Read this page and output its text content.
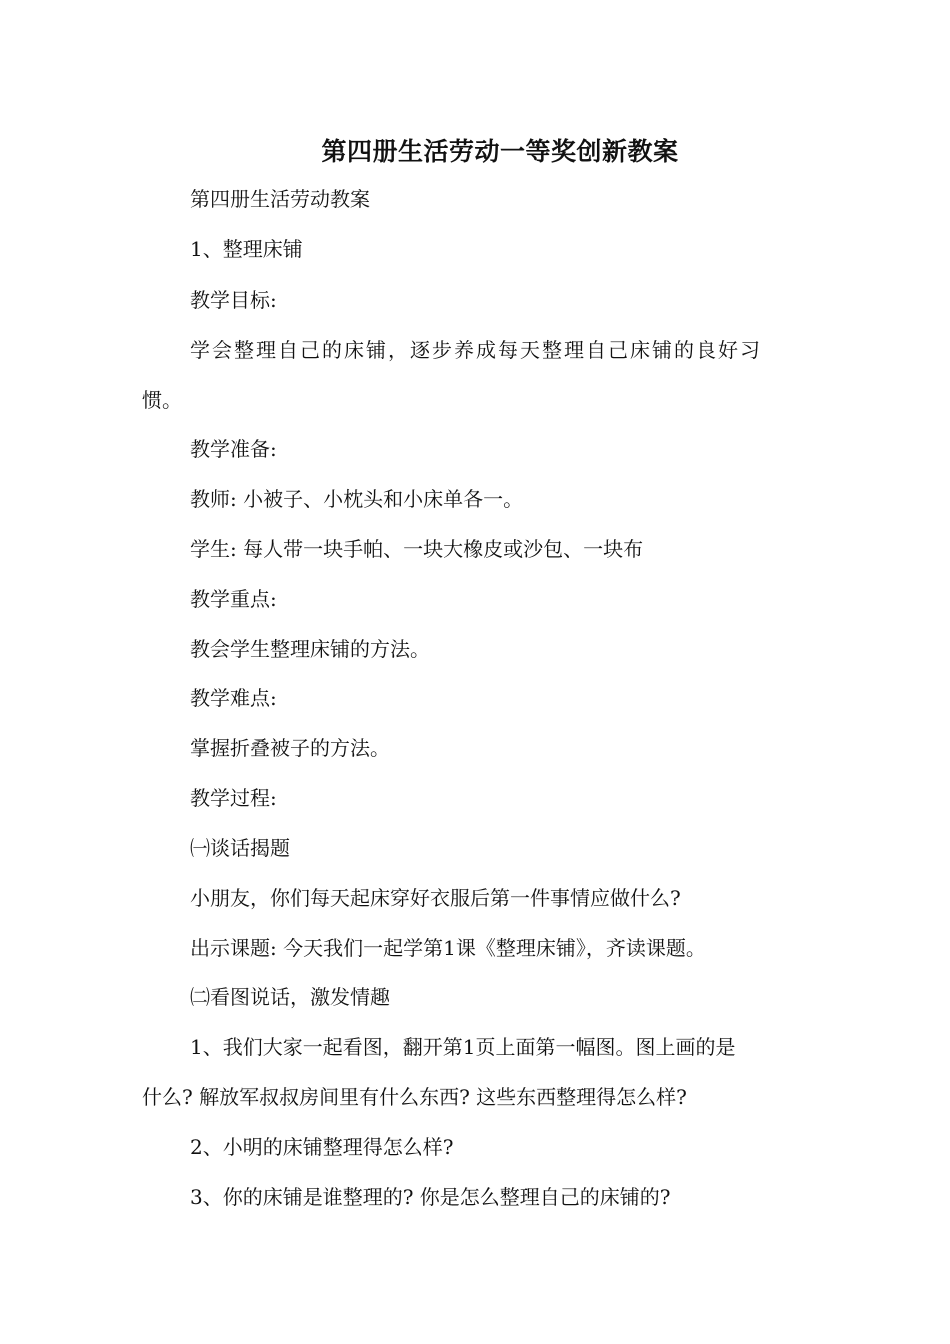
第四册生活劳动一等奖创新教案
第四册生活劳动教案
1、整理床铺
教学目标:
学会整理自己的床铺，逐步养成每天整理自己床铺的良好习
惯。
教学准备:
教师: 小被子、小枕头和小床单各一。
学生: 每人带一块手帕、一块大橡皮或沙包、一块布
教学重点:
教会学生整理床铺的方法。
教学难点:
掌握折叠被子的方法。
教学过程:
㈠谈话揭题
小朋友，你们每天起床穿好衣服后第一件事情应做什么?
出示课题: 今天我们一起学第1课《整理床铺》，齐读课题。
㈡看图说话，激发情趣
1、我们大家一起看图，翻开第1页上面第一幅图。图上画的是
什么? 解放军叔叔房间里有什么东西? 这些东西整理得怎么样?
2、小明的床铺整理得怎么样?
3、你的床铺是谁整理的? 你是怎么整理自己的床铺的?
